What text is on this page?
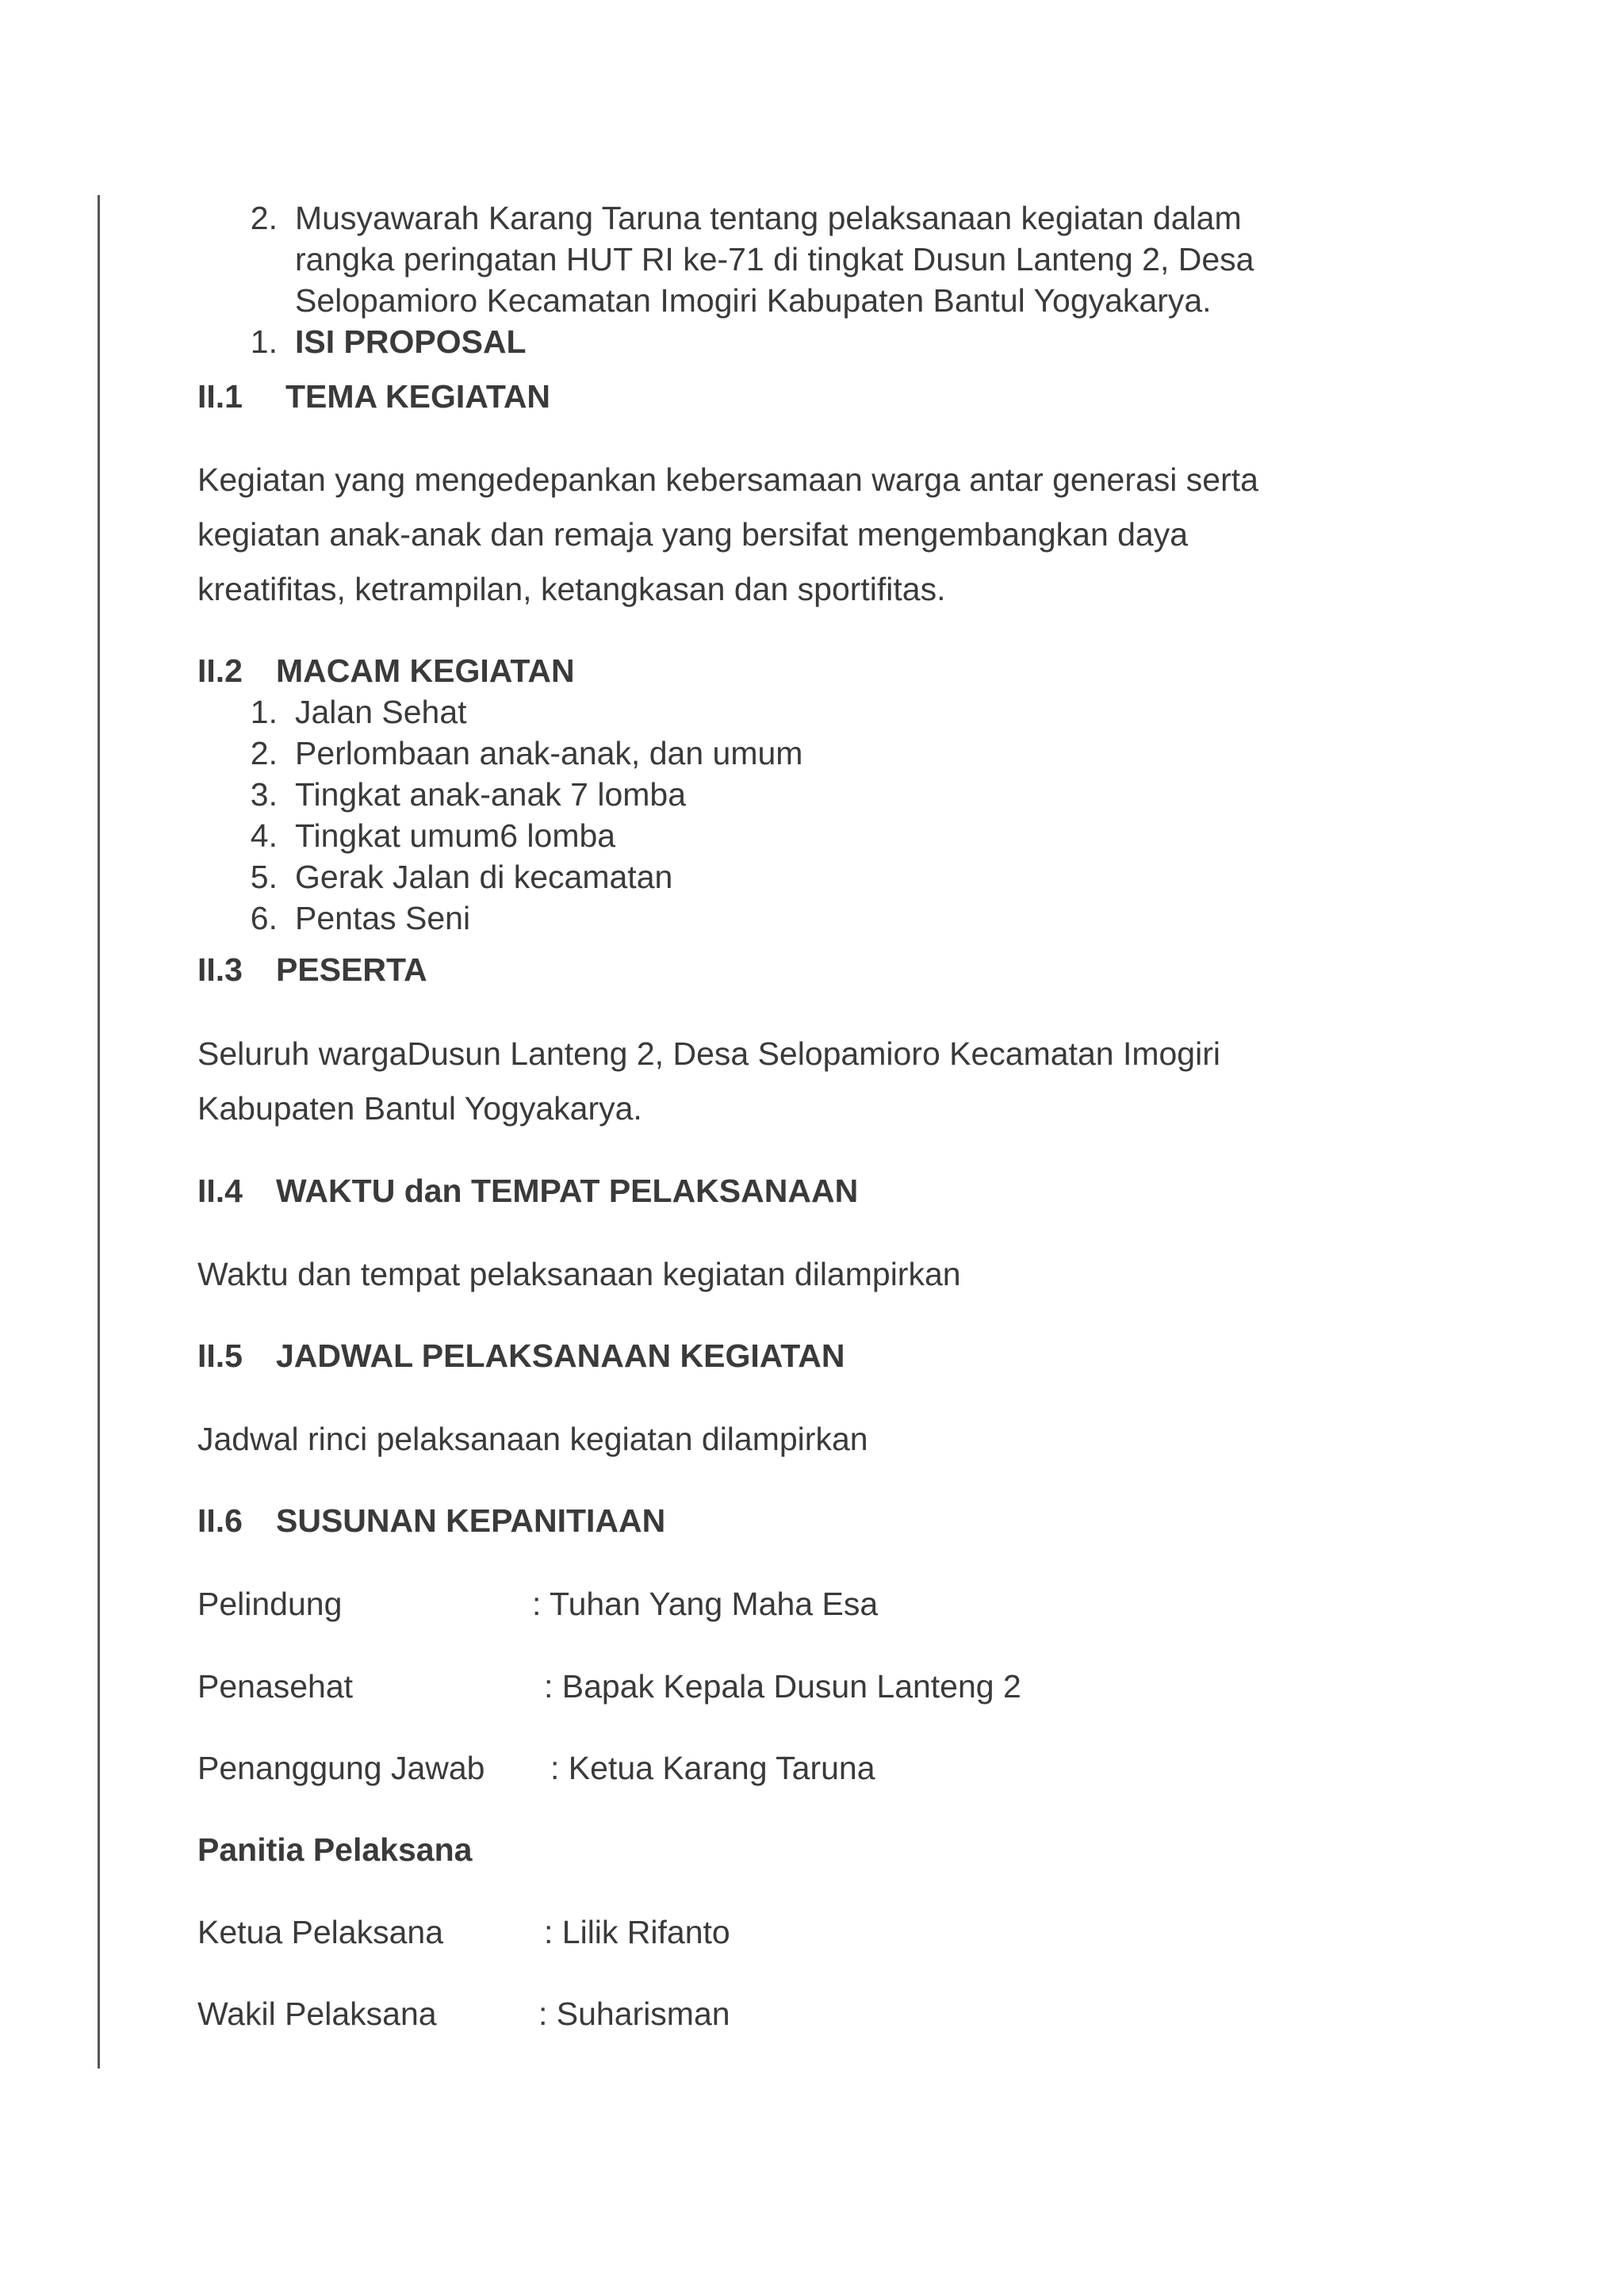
2. Musyawarah Karang Taruna tentang pelaksanaan kegiatan dalam
rangka peringatan HUT RI ke-71 di tingkat Dusun Lanteng 2, Desa
Selopamioro Kecamatan Imogiri Kabupaten Bantul Yogyakarya.
1. ISI PROPOSAL
II.1 TEMA KEGIATAN
Kegiatan yang mengedepankan kebersamaan warga antar generasi serta
kegiatan anak-anak dan remaja yang bersifat mengembangkan daya
kreatifitas, ketrampilan, ketangkasan dan sportifitas.
II.2 MACAM KEGIATAN
1. Jalan Sehat
2. Perlombaan anak-anak, dan umum
3. Tingkat anak-anak 7 lomba
4. Tingkat umum6 lomba
5. Gerak Jalan di kecamatan
6. Pentas Seni
II.3 PESERTA
Seluruh wargaDusun Lanteng 2, Desa Selopamioro Kecamatan Imogiri
Kabupaten Bantul Yogyakarya.
II.4 WAKTU dan TEMPAT PELAKSANAAN
Waktu dan tempat pelaksanaan kegiatan dilampirkan
II.5 JADWAL PELAKSANAAN KEGIATAN
Jadwal rinci pelaksanaan kegiatan dilampirkan
II.6 SUSUNAN KEPANITIAAN
Pelindung	: Tuhan Yang Maha Esa
Penasehat	: Bapak Kepala Dusun Lanteng 2
Penanggung Jawab : Ketua Karang Taruna
Panitia Pelaksana
Ketua Pelaksana	: Lilik Rifanto
Wakil Pelaksana	: Suharisman
